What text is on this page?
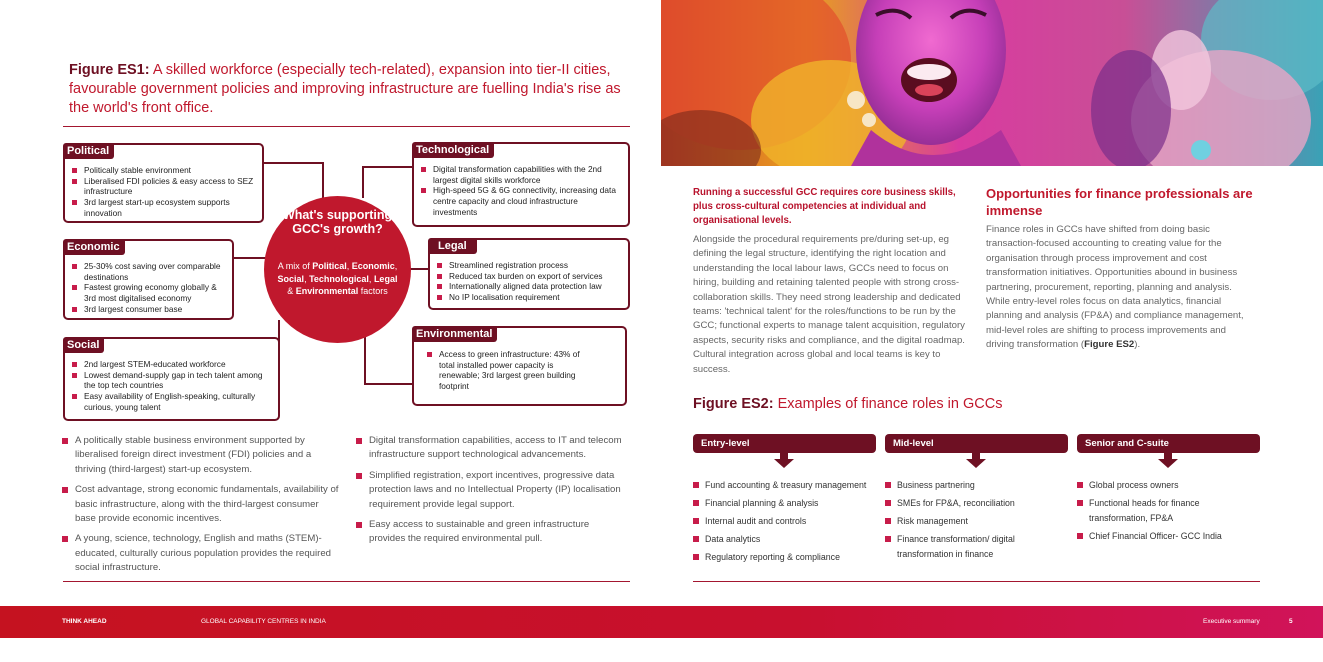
Figure ES1: A skilled workforce (especially tech-related), expansion into tier-II cities, favourable government policies and improving infrastructure are fuelling India's rise as the world's front office.
Political
Politically stable environment
Liberalised FDI policies & easy access to SEZ infrastructure
3rd largest start-up ecosystem supports innovation
Economic
25-30% cost saving over comparable destinations
Fastest growing economy globally & 3rd most digitalised economy
3rd largest consumer base
Social
2nd largest STEM-educated workforce
Lowest demand-supply gap in tech talent among the top tech countries
Easy availability of English-speaking, culturally curious, young talent
Technological
Digital transformation capabilities with the 2nd largest digital skills workforce
High-speed 5G & 6G connectivity, increasing data centre capacity and cloud infrastructure investments
Legal
Streamlined registration process
Reduced tax burden on export of services
Internationally aligned data protection law
No IP localisation requirement
Environmental
Access to green infrastructure: 43% of total installed power capacity is renewable; 3rd largest green building footprint
What's supporting GCC's growth?
A mix of Political, Economic, Social, Technological, Legal & Environmental factors
A politically stable business environment supported by liberalised foreign direct investment (FDI) policies and a thriving (third-largest) start-up ecosystem.
Cost advantage, strong economic fundamentals, availability of basic infrastructure, along with the third-largest consumer base provide economic incentives.
A young, science, technology, English and maths (STEM)-educated, culturally curious population provides the required social infrastructure.
Digital transformation capabilities, access to IT and telecom infrastructure support technological advancements.
Simplified registration, export incentives, progressive data protection laws and no Intellectual Property (IP) localisation requirement provide legal support.
Easy access to sustainable and green infrastructure provides the required environmental pull.
Running a successful GCC requires core business skills, plus cross-cultural competencies at individual and organisational levels.
Alongside the procedural requirements pre/during set-up, eg defining the legal structure, identifying the right location and understanding the local labour laws, GCCs need to focus on hiring, building and retaining talented people with strong cross-collaboration skills. They need strong leadership and dedicated teams: 'technical talent' for the roles/functions to be run by the GCC; functional experts to manage talent acquisition, regulatory aspects, security risks and compliance, and the digital roadmap. Cultural integration across global and local teams is key to success.
Opportunities for finance professionals are immense
Finance roles in GCCs have shifted from doing basic transaction-focused accounting to creating value for the organisation through process improvement and cost transformation initiatives. Opportunities abound in business partnering, procurement, reporting, planning and analysis. While entry-level roles focus on data analytics, financial planning and analysis (FP&A) and compliance management, mid-level roles are shifting to process improvements and driving transformation (Figure ES2).
Figure ES2: Examples of finance roles in GCCs
Entry-level
Fund accounting & treasury management
Financial planning & analysis
Internal audit and controls
Data analytics
Regulatory reporting & compliance
Mid-level
Business partnering
SMEs for FP&A, reconciliation
Risk management
Finance transformation/ digital transformation in finance
Senior and C-suite
Global process owners
Functional heads for finance transformation, FP&A
Chief Financial Officer- GCC India
THINK AHEAD	GLOBAL CAPABILITY CENTRES IN INDIA	Executive summary	5
